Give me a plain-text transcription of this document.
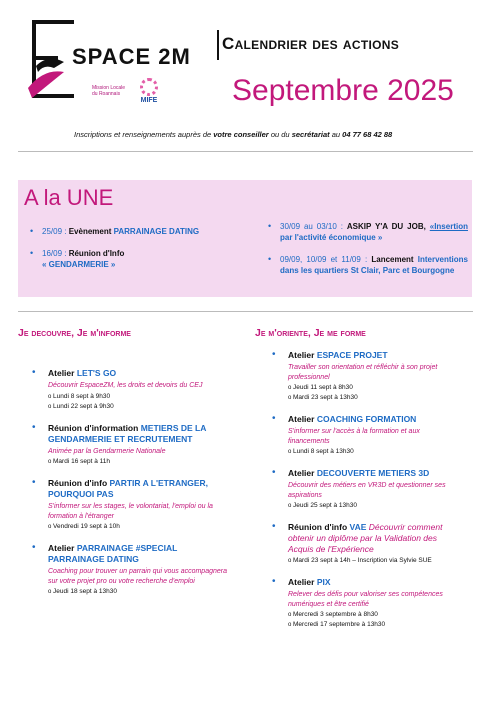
SPACE 2M
Mission Locale du Roannais
MIFE
Calendrier des actions
Septembre 2025
Inscriptions et renseignements auprès de votre conseiller ou du secrétariat au 04 77 68 42 88
A la UNE
• 25/09 : Evènement PARRAINAGE DATING
• 16/09 : Réunion d'Info
« GENDARMERIE »
• 30/09 au 03/10 : ASKIP Y'A DU JOB, «Insertion par l'activité économique »
• 09/09, 10/09 et 11/09 : Lancement Interventions dans les quartiers St Clair, Parc et Bourgogne
Je decouvre, Je m'informe	Je m'oriente, Je me forme
• Atelier LET'S GO
Découvrir EspaceZM, les droits et devoirs du CEJ
o Lundi 8 sept à 9h30
o Lundi 22 sept à 9h30
• Réunion d'information METIERS DE LA GENDARMERIE ET RECRUTEMENT
Animée par la Gendarmerie Nationale
o Mardi 16 sept à 11h
• Réunion d'info PARTIR A L'ETRANGER, POURQUOI PAS
S'informer sur les stages, le volontariat, l'emploi ou la formation à l'étranger
o Vendredi 19 sept à 10h
• Atelier PARRAINAGE #SPECIAL PARRAINAGE DATING
Coaching pour trouver un parrain qui vous accompagnera sur votre projet pro ou votre recherche d'emploi
o Jeudi 18 sept à 13h30
• Atelier ESPACE PROJET
Travailler son orientation et réfléchir à son projet professionnel
o Jeudi 11 sept à 8h30
o Mardi 23 sept à 13h30
• Atelier COACHING FORMATION
S'informer sur l'accès à la formation et aux financements
o Lundi 8 sept à 13h30
• Atelier DECOUVERTE METIERS 3D
Découvrir des métiers en VR3D et questionner ses aspirations
o Jeudi 25 sept à 13h30
• Réunion d'info VAE Découvrir comment obtenir un diplôme par la Validation des Acquis de l'Expérience
o Mardi 23 sept à 14h – Inscription via Sylvie SUE
• Atelier PIX
Relever des défis pour valoriser ses compétences numériques et être certifié
o Mercredi 3 septembre à 8h30
o Mercredi 17 septembre à 13h30
